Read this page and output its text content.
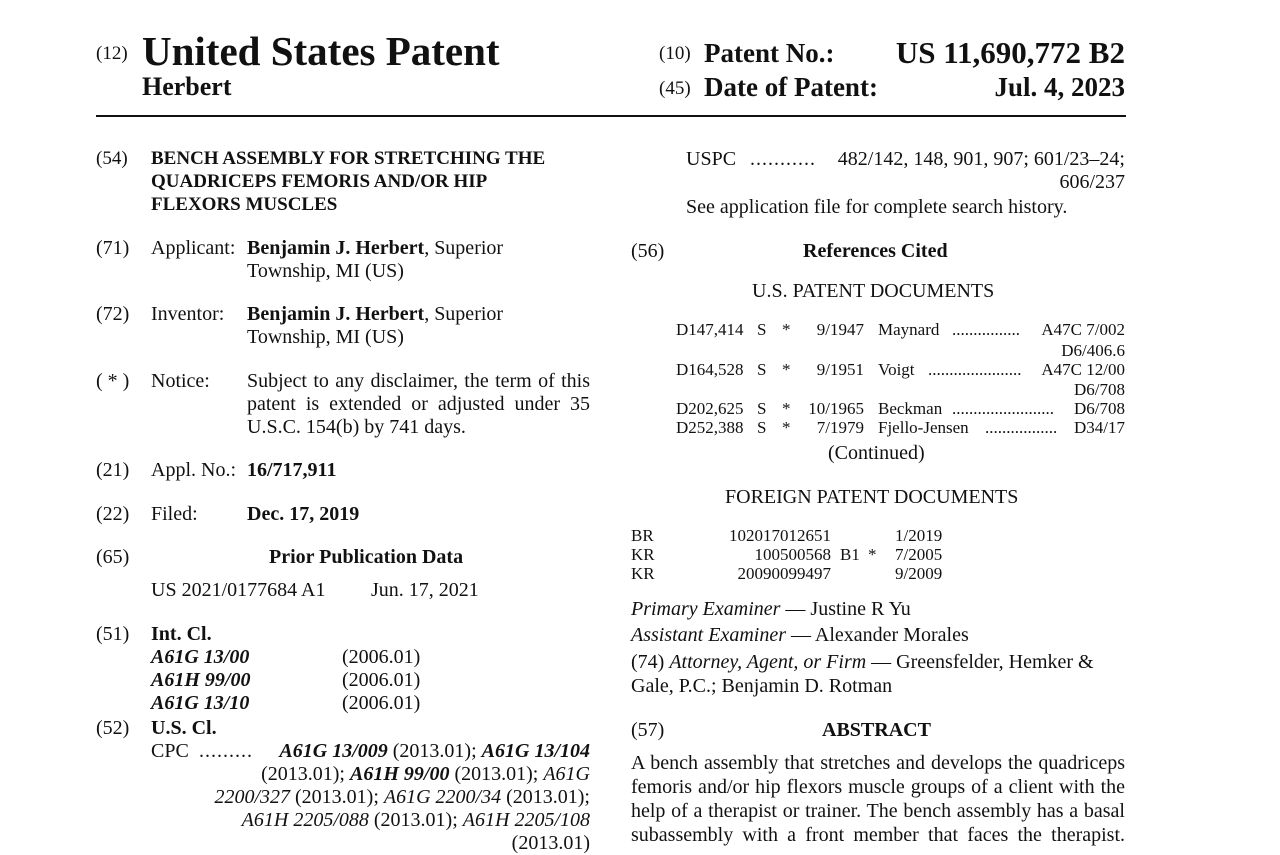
(12) United States Patent
Herbert
(10) Patent No.:	US 11,690,772 B2
(45) Date of Patent:	Jul. 4, 2023
(54) BENCH ASSEMBLY FOR STRETCHING THE
QUADRICEPS FEMORIS AND/OR HIP
FLEXORS MUSCLES
(71) Applicant: Benjamin J. Herbert, Superior
Township, MI (US)
(72) Inventor: Benjamin J. Herbert, Superior
Township, MI (US)
( * ) Notice: Subject to any disclaimer, the term of this
patent is extended or adjusted under 35
U.S.C. 154(b) by 741 days.
(21) Appl. No.: 16/717,911
(22) Filed: Dec. 17, 2019
(65)	Prior Publication Data
US 2021/0177684 A1 Jun. 17, 2021
(51) Int. Cl.
A61G 13/00	(2006.01)
A61H 99/00	(2006.01)
A61G 13/10	(2006.01)
(52) U.S. Cl.
CPC .........	A61G 13/009 (2013.01); A61G 13/104
(2013.01); A61H 99/00 (2013.01); A61G
2200/327 (2013.01); A61G 2200/34 (2013.01);
A61H 2205/088 (2013.01); A61H 2205/108
(2013.01)
USPC ...........	482/142, 148, 901, 907; 601/23–24;
606/237
See application file for complete search history.
(56)	References Cited
U.S. PATENT DOCUMENTS
D147,414 S *	9/1947 Maynard ................	A47C 7/002
D6/406.6
D164,528 S *	9/1951 Voigt ......................	A47C 12/00
D6/708
D202,625 S *	10/1965 Beckman ........................	D6/708
D252,388 S *	7/1979 Fjello-Jensen ................. D34/17
(Continued)
FOREIGN PATENT DOCUMENTS
BR	102017012651	1/2019
KR	100500568 B1 * 7/2005
KR	20090099497	9/2009
Primary Examiner — Justine R Yu
Assistant Examiner — Alexander Morales
(74) Attorney, Agent, or Firm — Greensfelder, Hemker &
Gale, P.C.; Benjamin D. Rotman
(57)	ABSTRACT
A bench assembly that stretches and develops the quadriceps
femoris and/or hip flexors muscle groups of a client with the
help of a therapist or trainer. The bench assembly has a basal
subassembly with a front member that faces the therapist.
